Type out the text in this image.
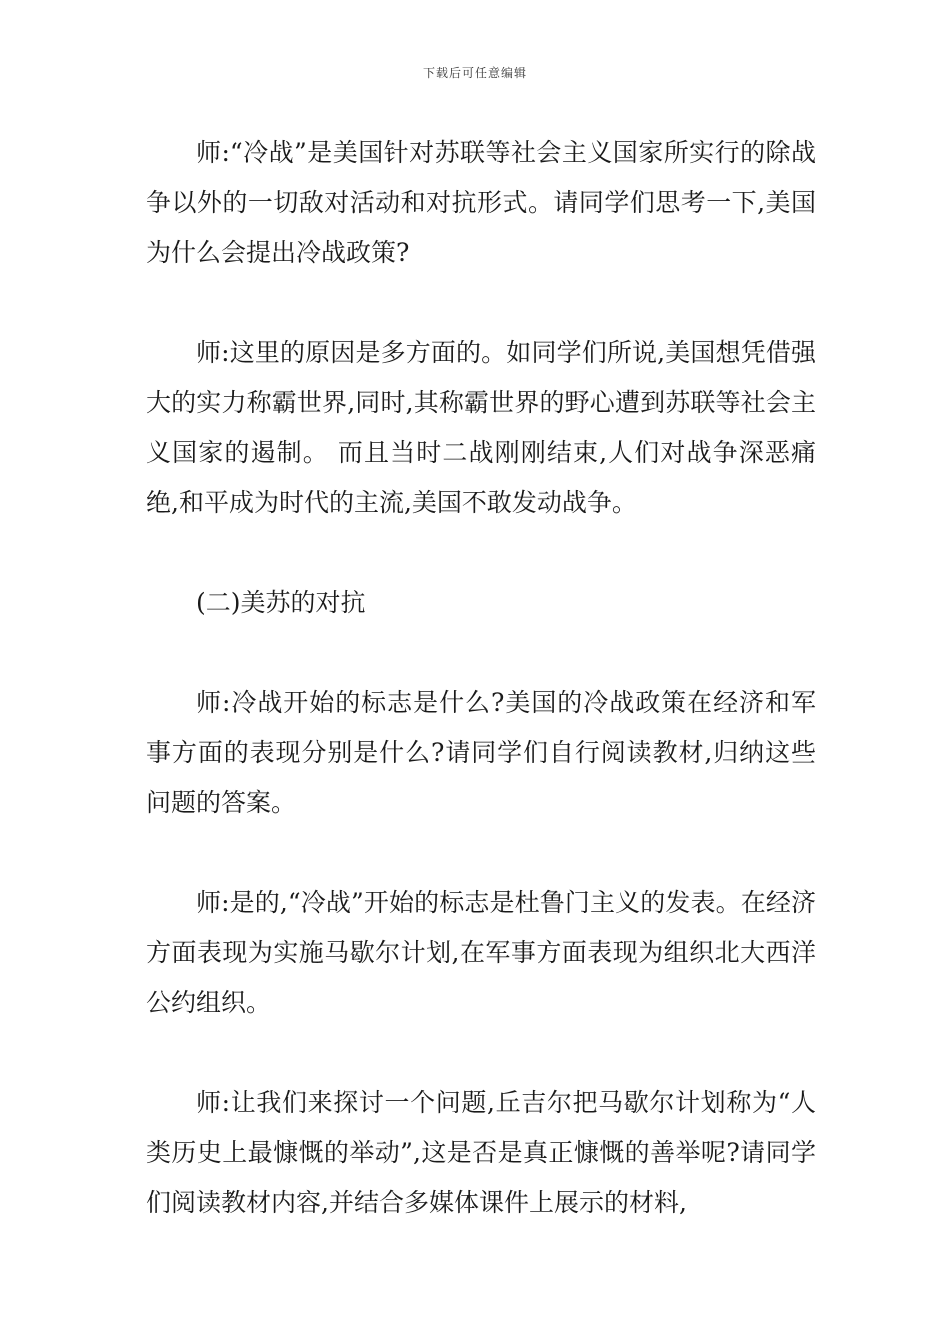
下载后可任意编辑

师:“冷战”是美国针对苏联等社会主义国家所实行的除战争以外的一切敌对活动和对抗形式。请同学们思考一下,美国为什么会提出冷战政策?

师:这里的原因是多方面的。如同学们所说,美国想凭借强大的实力称霸世界,同时,其称霸世界的野心遭到苏联等社会主义国家的遏制。 而且当时二战刚刚结束,人们对战争深恶痛绝,和平成为时代的主流,美国不敢发动战争。

(二)美苏的对抗

师:冷战开始的标志是什么?美国的冷战政策在经济和军事方面的表现分别是什么?请同学们自行阅读教材,归纳这些问题的答案。

师:是的,“冷战”开始的标志是杜鲁门主义的发表。在经济方面表现为实施马歇尔计划,在军事方面表现为组织北大西洋公约组织。

师:让我们来探讨一个问题,丘吉尔把马歇尔计划称为“人类历史上最慷慨的举动”,这是否是真正慷慨的善举呢?请同学们阅读教材内容,并结合多媒体课件上展示的材料,
